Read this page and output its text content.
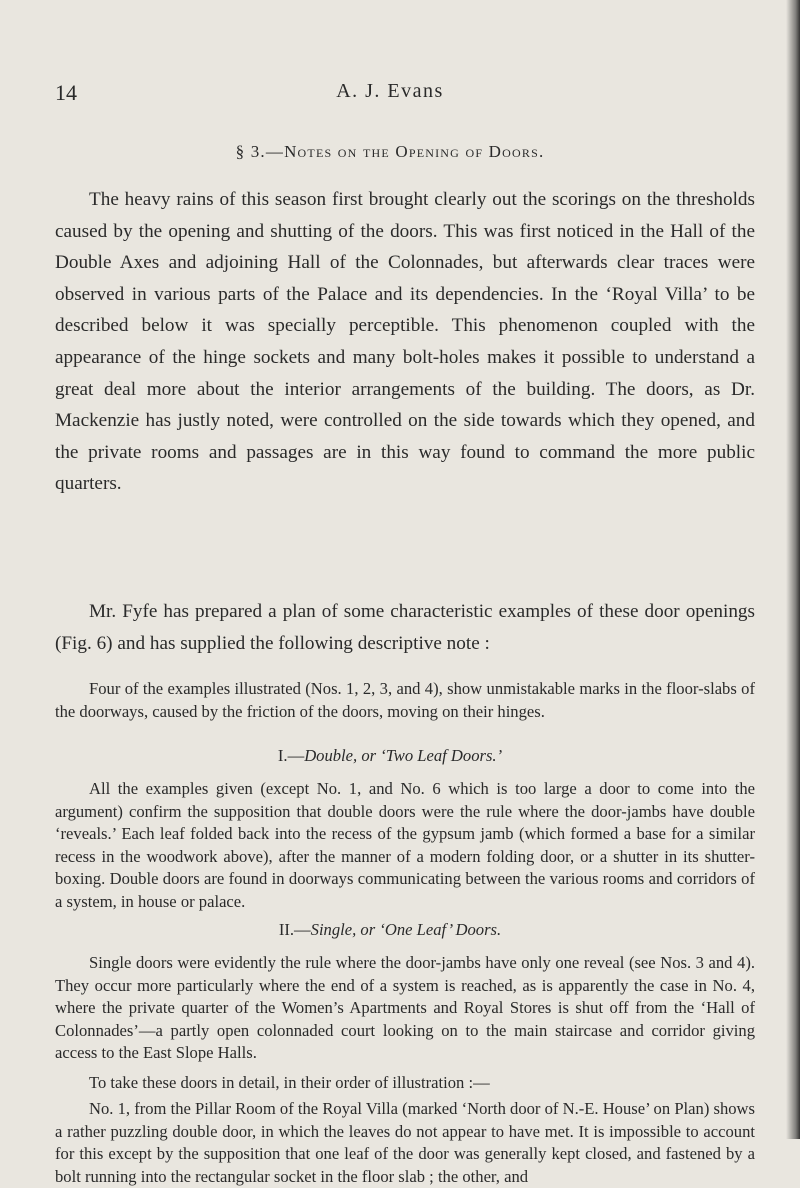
14	A. J. Evans
§ 3.—Notes on the Opening of Doors.

The heavy rains of this season first brought clearly out the scorings on the thresholds caused by the opening and shutting of the doors. This was first noticed in the Hall of the Double Axes and adjoining Hall of the Colonnades, but afterwards clear traces were observed in various parts of the Palace and its dependencies. In the ‘Royal Villa’ to be described below it was specially perceptible. This phenomenon coupled with the appearance of the hinge sockets and many bolt-holes makes it possible to understand a great deal more about the interior arrangements of the building. The doors, as Dr. Mackenzie has justly noted, were controlled on the side towards which they opened, and the private rooms and passages are in this way found to command the more public quarters.

Mr. Fyfe has prepared a plan of some characteristic examples of these door openings (Fig. 6) and has supplied the following descriptive note :

Four of the examples illustrated (Nos. 1, 2, 3, and 4), show unmistakable marks in the floor-slabs of the doorways, caused by the friction of the doors, moving on their hinges.

I.—Double, or ‘Two Leaf Doors.’

All the examples given (except No. 1, and No. 6 which is too large a door to come into the argument) confirm the supposition that double doors were the rule where the door-jambs have double ‘reveals.’ Each leaf folded back into the recess of the gypsum jamb (which formed a base for a similar recess in the woodwork above), after the manner of a modern folding door, or a shutter in its shutter-boxing. Double doors are found in doorways communicating between the various rooms and corridors of a system, in house or palace.

II.—Single, or ‘One Leaf’ Doors.

Single doors were evidently the rule where the door-jambs have only one reveal (see Nos. 3 and 4). They occur more particularly where the end of a system is reached, as is apparently the case in No. 4, where the private quarter of the Women’s Apartments and Royal Stores is shut off from the ‘Hall of Colonnades’—a partly open colonnaded court looking on to the main staircase and corridor giving access to the East Slope Halls.

To take these doors in detail, in their order of illustration :—

No. 1, from the Pillar Room of the Royal Villa (marked ‘North door of N.-E. House’ on Plan) shows a rather puzzling double door, in which the leaves do not appear to have met. It is impossible to account for this except by the supposition that one leaf of the door was generally kept closed, and fastened by a bolt running into the rectangular socket in the floor slab ; the other, and
